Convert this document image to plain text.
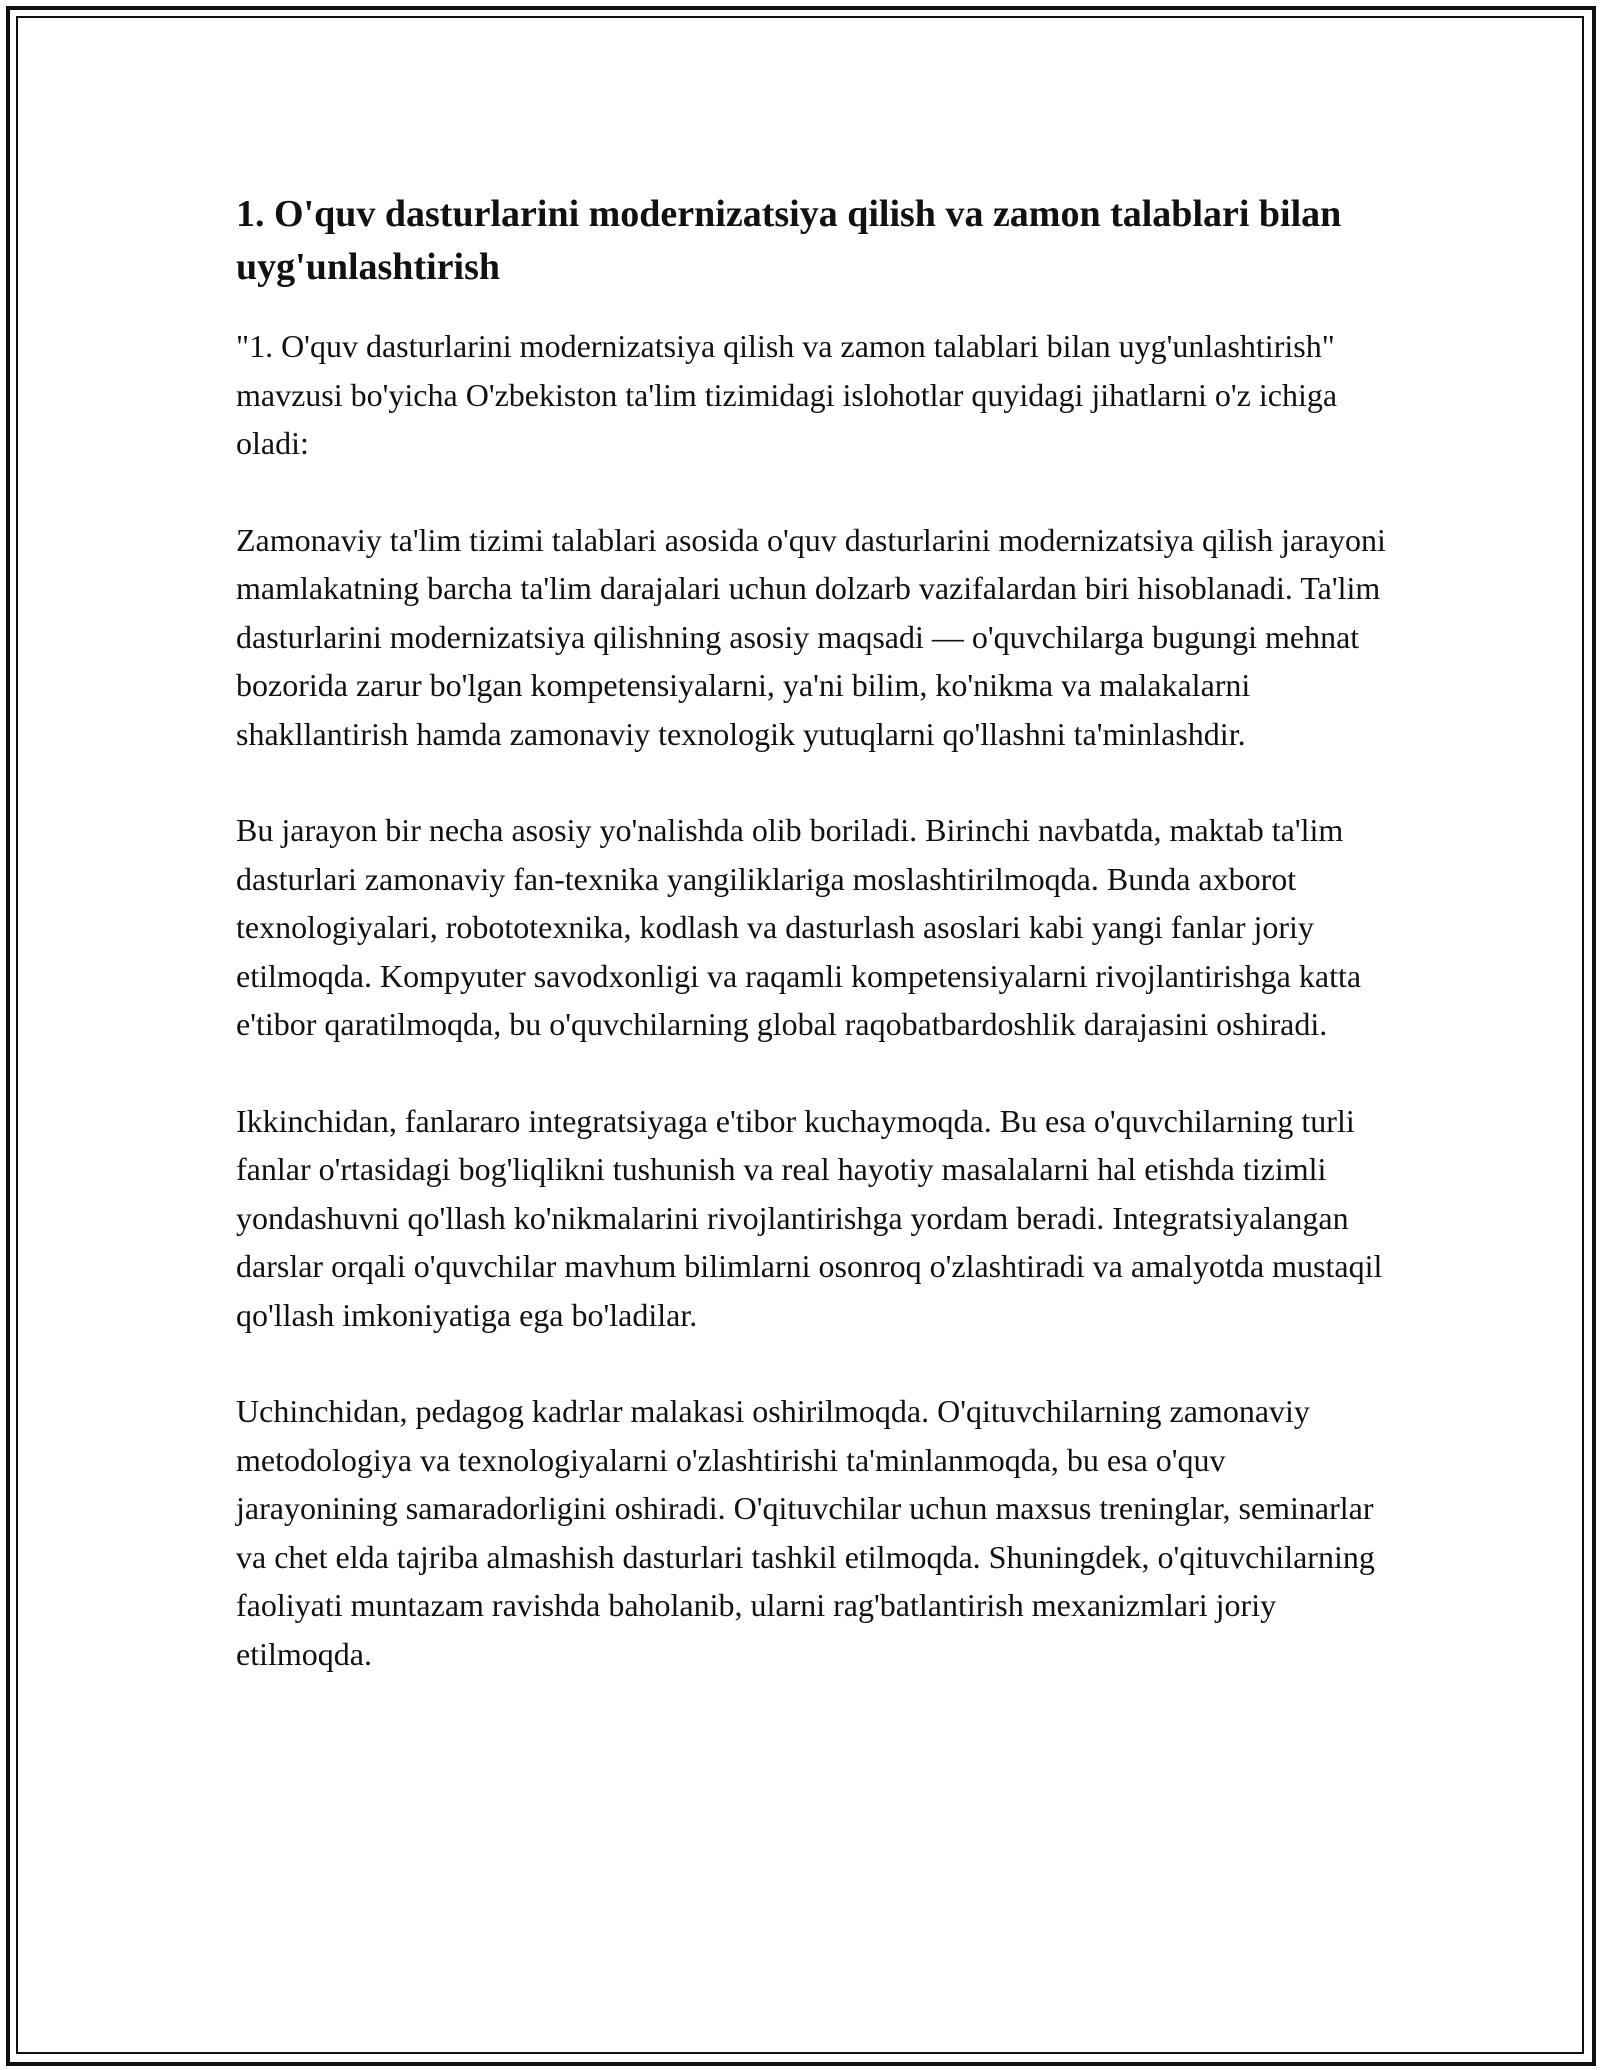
1. O'quv dasturlarini modernizatsiya qilish va zamon talablari bilan uyg'unlashtirish

"1. O'quv dasturlarini modernizatsiya qilish va zamon talablari bilan uyg'unlashtirish" mavzusi bo'yicha O'zbekiston ta'lim tizimidagi islohotlar quyidagi jihatlarni o'z ichiga oladi:

Zamonaviy ta'lim tizimi talablari asosida o'quv dasturlarini modernizatsiya qilish jarayoni mamlakatning barcha ta'lim darajalari uchun dolzarb vazifalardan biri hisoblanadi. Ta'lim dasturlarini modernizatsiya qilishning asosiy maqsadi — o'quvchilarga bugungi mehnat bozorida zarur bo'lgan kompetensiyalarni, ya'ni bilim, ko'nikma va malakalarni shakllantirish hamda zamonaviy texnologik yutuqlarni qo'llashni ta'minlashdir.

Bu jarayon bir necha asosiy yo'nalishda olib boriladi. Birinchi navbatda, maktab ta'lim dasturlari zamonaviy fan-texnika yangiliklariga moslashtirilmoqda. Bunda axborot texnologiyalari, robototexnika, kodlash va dasturlash asoslari kabi yangi fanlar joriy etilmoqda. Kompyuter savodxonligi va raqamli kompetensiyalarni rivojlantirishga katta e'tibor qaratilmoqda, bu o'quvchilarning global raqobatbardoshlik darajasini oshiradi.

Ikkinchidan, fanlararo integratsiyaga e'tibor kuchaymoqda. Bu esa o'quvchilarning turli fanlar o'rtasidagi bog'liqlikni tushunish va real hayotiy masalalarni hal etishda tizimli yondashuvni qo'llash ko'nikmalarini rivojlantirishga yordam beradi. Integratsiyalangan darslar orqali o'quvchilar mavhum bilimlarni osonroq o'zlashtiradi va amalyotda mustaqil qo'llash imkoniyatiga ega bo'ladilar.

Uchinchidan, pedagog kadrlar malakasi oshirilmoqda. O'qituvchilarning zamonaviy metodologiya va texnologiyalarni o'zlashtirishi ta'minlanmoqda, bu esa o'quv jarayonining samaradorligini oshiradi. O'qituvchilar uchun maxsus treninglar, seminarlar va chet elda tajriba almashish dasturlari tashkil etilmoqda. Shuningdek, o'qituvchilarning faoliyati muntazam ravishda baholanib, ularni rag'batlantirish mexanizmlari joriy etilmoqda.
